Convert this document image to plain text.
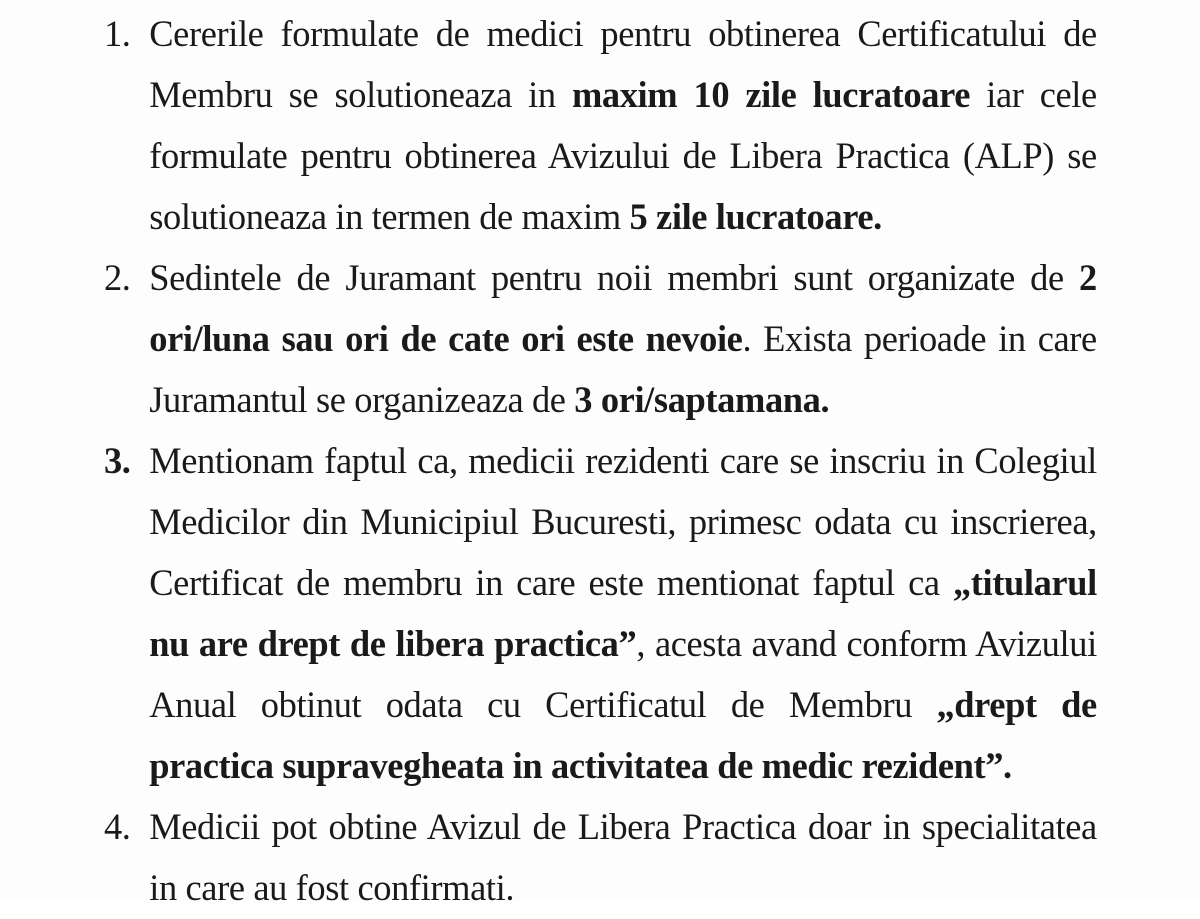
1. Cererile formulate de medici pentru obtinerea Certificatului de Membru se solutioneaza in maxim 10 zile lucratoare iar cele formulate pentru obtinerea Avizului de Libera Practica (ALP) se solutioneaza in termen de maxim 5 zile lucratoare.
2. Sedintele de Juramant pentru noii membri sunt organizate de 2 ori/luna sau ori de cate ori este nevoie. Exista perioade in care Juramantul se organizeaza de 3 ori/saptamana.
3. Mentionam faptul ca, medicii rezidenti care se inscriu in Colegiul Medicilor din Municipiul Bucuresti, primesc odata cu inscrierea, Certificat de membru in care este mentionat faptul ca „titularul nu are drept de libera practica”, acesta avand conform Avizului Anual obtinut odata cu Certificatul de Membru „drept de practica supravegheata in activitatea de medic rezident”.
4. Medicii pot obtine Avizul de Libera Practica doar in specialitatea in care au fost confirmati.
